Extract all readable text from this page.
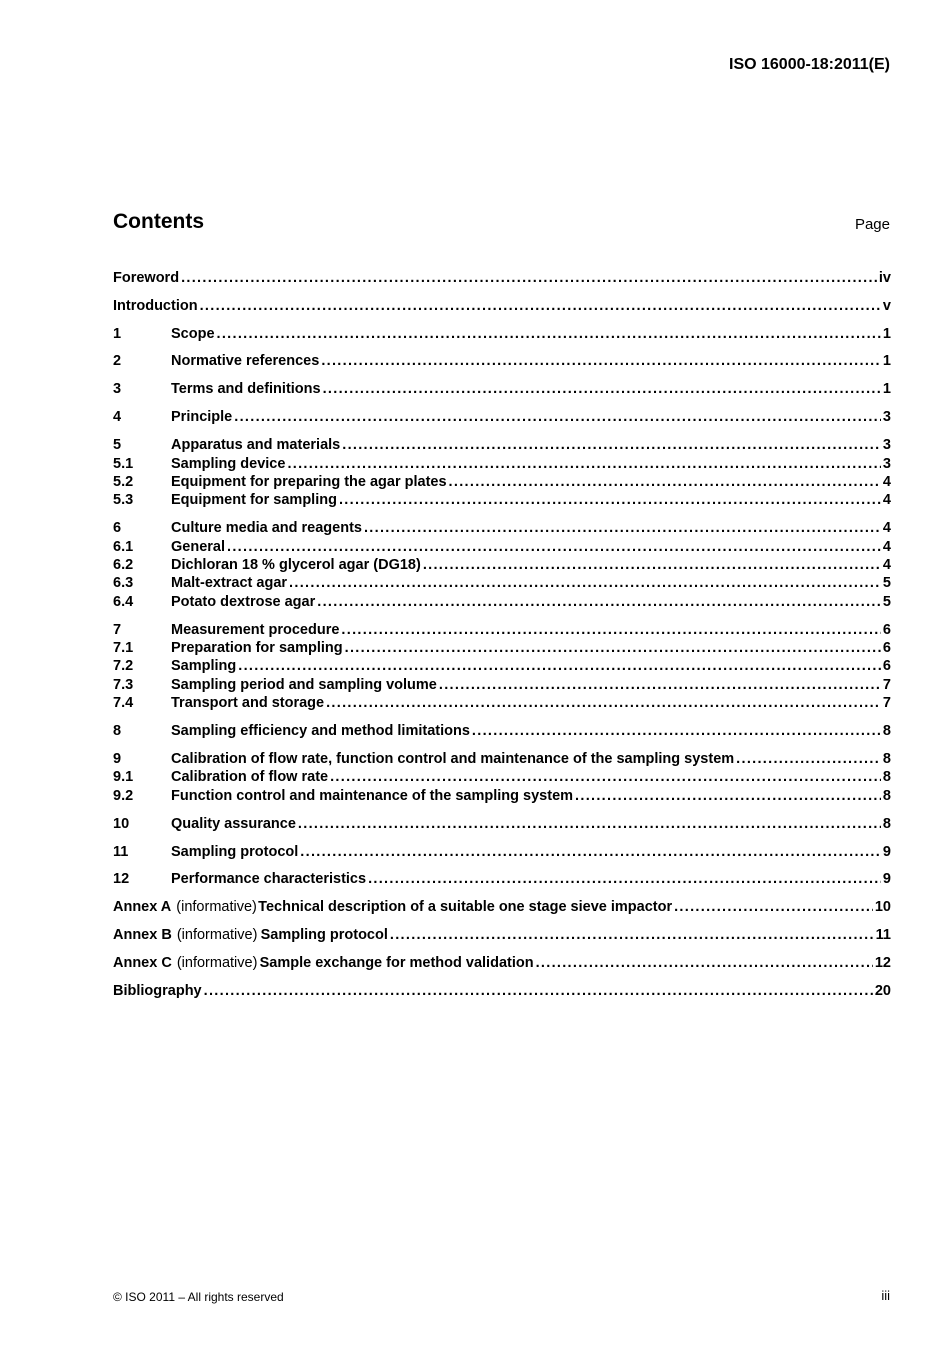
ISO 16000-18:2011(E)
Contents	Page
Foreword .....	iv
Introduction .....	v
1	Scope .....	1
2	Normative references .....	1
3	Terms and definitions .....	1
4	Principle .....	3
5	Apparatus and materials .....	3
5.1	Sampling device .....	3
5.2	Equipment for preparing the agar plates .....	4
5.3	Equipment for sampling .....	4
6	Culture media and reagents .....	4
6.1	General .....	4
6.2	Dichloran 18 % glycerol agar (DG18) .....	4
6.3	Malt-extract agar .....	5
6.4	Potato dextrose agar .....	5
7	Measurement procedure .....	6
7.1	Preparation for sampling .....	6
7.2	Sampling .....	6
7.3	Sampling period and sampling volume .....	7
7.4	Transport and storage .....	7
8	Sampling efficiency and method limitations .....	8
9	Calibration of flow rate, function control and maintenance of the sampling system .....	8
9.1	Calibration of flow rate .....	8
9.2	Function control and maintenance of the sampling system .....	8
10	Quality assurance .....	8
11	Sampling protocol .....	9
12	Performance characteristics .....	9
Annex A (informative) Technical description of a suitable one stage sieve impactor .....	10
Annex B (informative) Sampling protocol .....	11
Annex C (informative) Sample exchange for method validation .....	12
Bibliography .....	20
© ISO 2011 – All rights reserved	iii
